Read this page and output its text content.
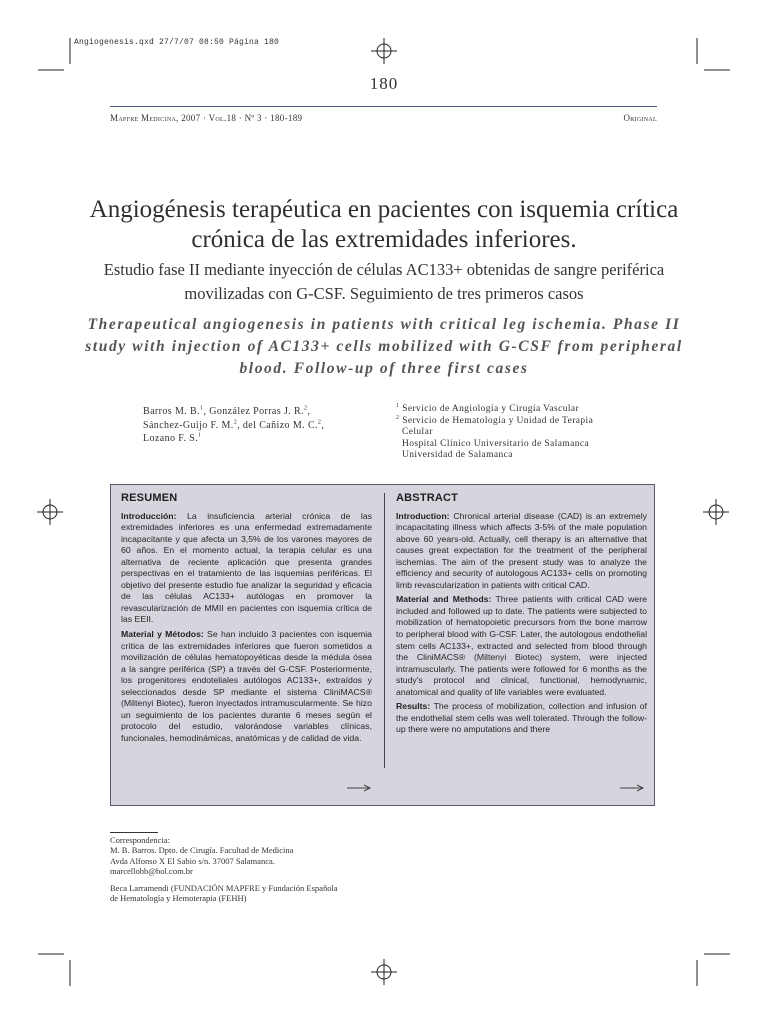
Angiogenesis.qxd 27/7/07 08:50 Página 180
180
Mapfre Medicina, 2007 · Vol.18 · Nº 3 · 180-189	Original
Angiogénesis terapéutica en pacientes con isquemia crítica crónica de las extremidades inferiores.
Estudio fase II mediante inyección de células AC133+ obtenidas de sangre periférica movilizadas con G-CSF. Seguimiento de tres primeros casos
Therapeutical angiogenesis in patients with critical leg ischemia. Phase II study with injection of AC133+ cells mobilized with G-CSF from peripheral blood. Follow-up of three first cases
Barros M. B.$^1$, González Porras J. R.$^2$,
Sánchez-Guijo F. M.$^2$, del Cañizo M. C.$^2$,
Lozano F. S.$^1$
$^1$ Servicio de Angiología y Cirugía Vascular
$^2$ Servicio de Hematología y Unidad de Terapia
Celular
Hospital Clínico Universitario de Salamanca
Universidad de Salamanca
RESUMEN

Introducción: La insuficiencia arterial crónica de las extremidades inferiores es una enfermedad extremadamente incapacitante y que afecta un 3,5% de los varones mayores de 60 años. En el momento actual, la terapia celular es una alternativa de reciente aplicación que presenta grandes perspectivas en el tratamiento de las isquemias periféricas. El objetivo del presente estudio fue analizar la seguridad y eficacia de las células AC133+ autólogas en promover la revascularización de MMII en pacientes con isquemia crítica de las EEII.

Material y Métodos: Se han incluido 3 pacientes con isquemia crítica de las extremidades inferiores que fueron sometidos a movilización de células hematopoyéticas desde la médula ósea a la sangre periférica (SP) a través del G-CSF. Posteriormente, los progenitores endoteliales autólogos AC133+, extraídos y seleccionados desde SP mediante el sistema CliniMACS® (Miltenyi Biotec), fueron inyectados intramuscularmente. Se hizo un seguimiento de los pacientes durante 6 meses según el protocolo del estudio, valorándose variables clínicas, funcionales, hemodinámicas, anatómicas y de calidad de vida.

ABSTRACT

Introduction: Chronical arterial disease (CAD) is an extremely incapacitating illness which affects 3-5% of the male population above 60 years-old. Actually, cell therapy is an alternative that causes great expectation for the treatment of the peripheral ischemias. The aim of the present study was to analyze the efficiency and security of autologous AC133+ cells on promoting limb revascularization in patients with critical CAD.

Material and Methods: Three patients with critical CAD were included and followed up to date. The patients were subjected to mobilization of hematopoietic precursors from the bone marrow to peripheral blood with G-CSF. Later, the autologous endothelial stem cells AC133+, extracted and selected from blood through the CliniMACS® (Miltenyi Biotec) system, were injected intramuscularly. The patients were followed for 6 months as the study's protocol and clinical, functional, hemodynamic, anatomical and quality of life variables were evaluated.

Results: The process of mobilization, collection and infusion of the endothelial stem cells was well tolerated. Through the follow-up there were no amputations and there

Correspondencia:
M. B. Barros. Dpto. de Cirugía. Facultad de Medicina
Avda Alfonso X El Sabio s/n. 37007 Salamanca.
marcellobb@bol.com.br
Beca Larramendi (FUNDACIÓN MAPFRE y Fundación Española
de Hematología y Hemoterapia (FEHH)
